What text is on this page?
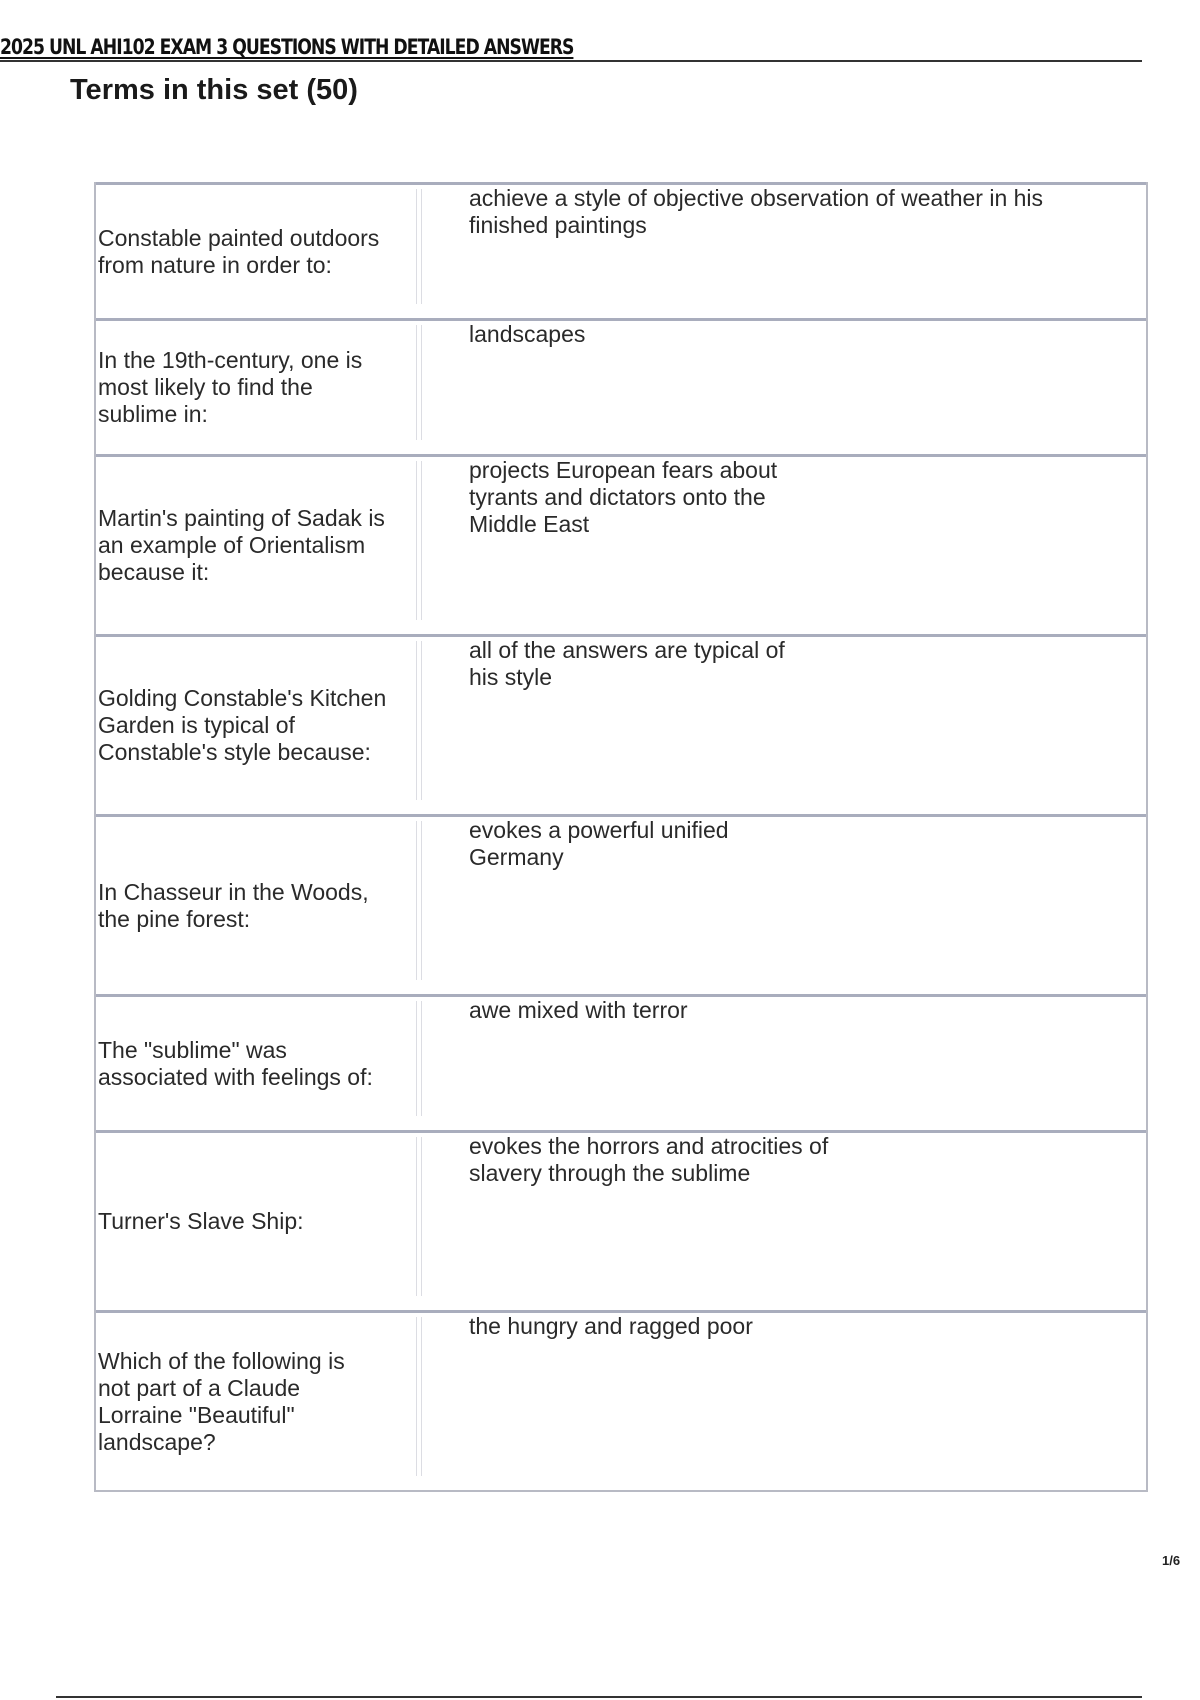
2025 UNL AHI102 EXAM 3 QUESTIONS WITH DETAILED ANSWERS
Terms in this set (50)
Constable painted outdoors from nature in order to:
achieve a style of objective observation of weather in his finished paintings
In the 19th-century, one is most likely to find the sublime in:
landscapes
Martin's painting of Sadak is an example of Orientalism because it:
projects European fears about tyrants and dictators onto the Middle East
Golding Constable's Kitchen Garden is typical of Constable's style because:
all of the answers are typical of his style
In Chasseur in the Woods, the pine forest:
evokes a powerful unified Germany
The "sublime" was associated with feelings of:
awe mixed with terror
Turner's Slave Ship:
evokes the horrors and atrocities of slavery through the sublime
Which of the following is not part of a Claude Lorraine "Beautiful" landscape?
the hungry and ragged poor
1/6
